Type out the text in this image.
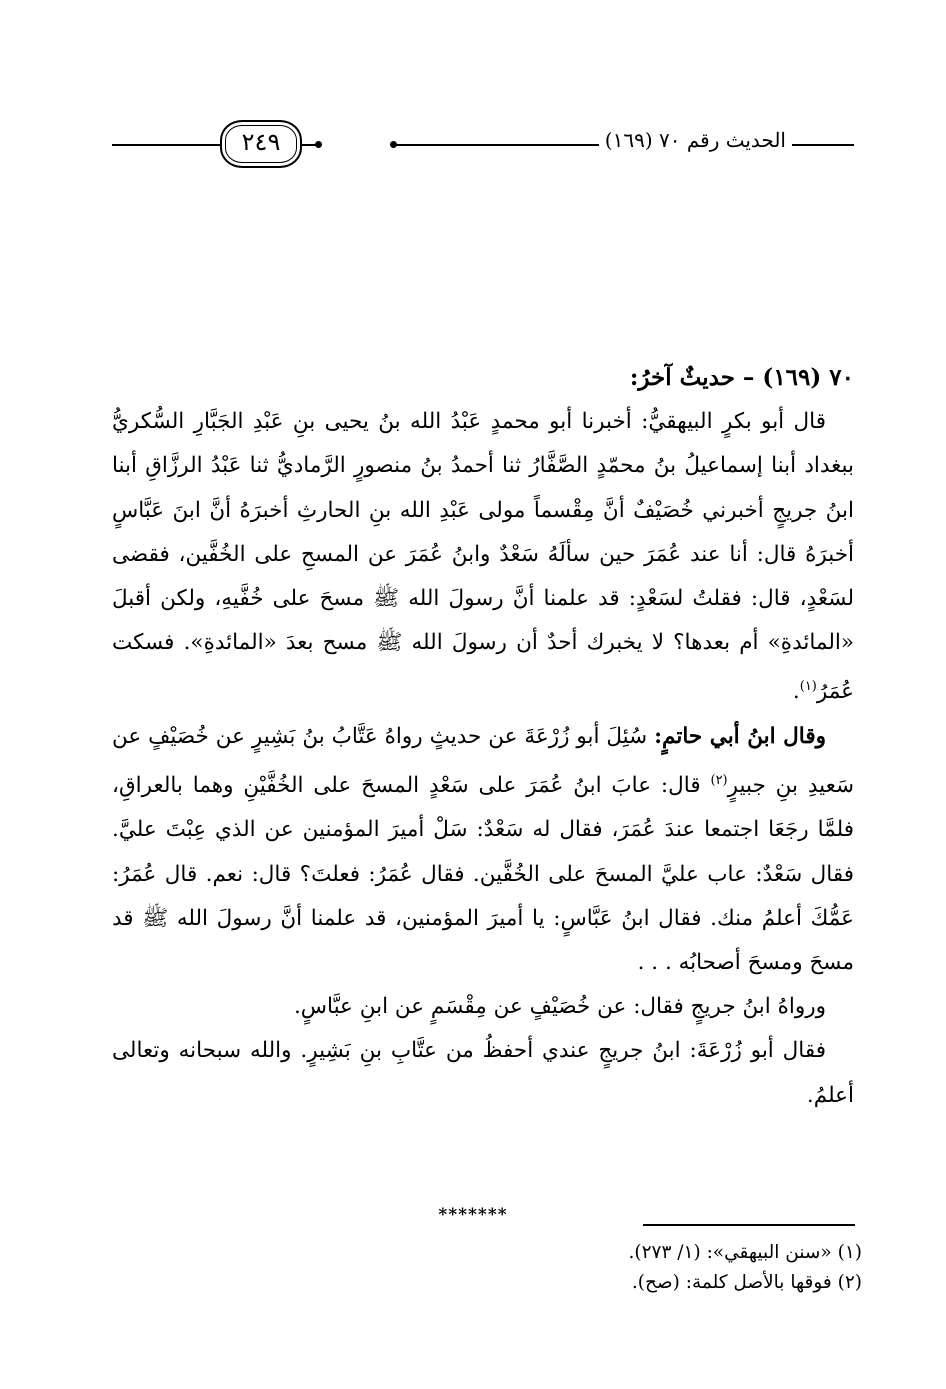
٢٤٩	الحديث رقم ٧٠ (١٦٩)

٧٠ (١٦٩) – حديثٌ آخرُ:

قال أبو بكرٍ البيهقيُّ: أخبرنا أبو محمدٍ عَبْدُ الله بنُ يحيى بنِ عَبْدِ الجَبَّارِ السُّكريُّ ببغداد أبنا إسماعيلُ بنُ محمّدٍ الصَّفَّارُ ثنا أحمدُ بنُ منصورٍ الرَّماديُّ ثنا عَبْدُ الرزَّاقِ أبنا ابنُ جريجٍ أخبرني خُصَيْفٌ أنَّ مِقْسماً مولى عَبْدِ الله بنِ الحارثِ أخبرَهُ أنَّ ابنَ عَبَّاسٍ أخبرَهُ قال: أنا عند عُمَرَ حين سألَهُ سَعْدٌ وابنُ عُمَرَ عن المسحِ على الخُفَّين، فقضى لسَعْدٍ، قال: فقلتُ لسَعْدٍ: قد علمنا أنَّ رسولَ الله ﷺ مسحَ على خُفَّيهِ، ولكن أقبلَ «المائدةِ» أم بعدها؟ لا يخبرك أحدٌ أن رسولَ الله ﷺ مسح بعدَ «المائدةِ». فسكت عُمَرُ$^{(١)}$.

وقال ابنُ أبي حاتمٍ: سُئِلَ أبو زُرْعَةَ عن حديثٍ رواهُ عَتَّابُ بنُ بَشِيرٍ عن خُصَيْفٍ عن سَعيدِ بنِ جبيرٍ$^{(٢)}$ قال: عابَ ابنُ عُمَرَ على سَعْدٍ المسحَ على الخُفَّيْنِ وهما بالعراقِ، فلمَّا رجَعَا اجتمعا عندَ عُمَرَ، فقال له سَعْدٌ: سَلْ أميرَ المؤمنين عن الذي عِبْتَ عليَّ. فقال سَعْدٌ: عاب عليَّ المسحَ على الخُفَّين. فقال عُمَرُ: فعلتَ؟ قال: نعم. قال عُمَرُ: عَمُّكَ أعلمُ منك. فقال ابنُ عَبَّاسٍ: يا أميرَ المؤمنين، قد علمنا أنَّ رسولَ الله ﷺ قد مسحَ ومسحَ أصحابُه . . .

ورواهُ ابنُ جريجٍ فقال: عن خُصَيْفٍ عن مِقْسَمٍ عن ابنِ عبَّاسٍ.

فقال أبو زُرْعَةَ: ابنُ جريجٍ عندي أحفظُ من عتَّابِ بنِ بَشِيرٍ. والله سبحانه وتعالى أعلمُ.

*******

(١) «سنن البيهقي»: (١/ ٢٧٣).

(٢) فوقها بالأصل كلمة: (صح).
